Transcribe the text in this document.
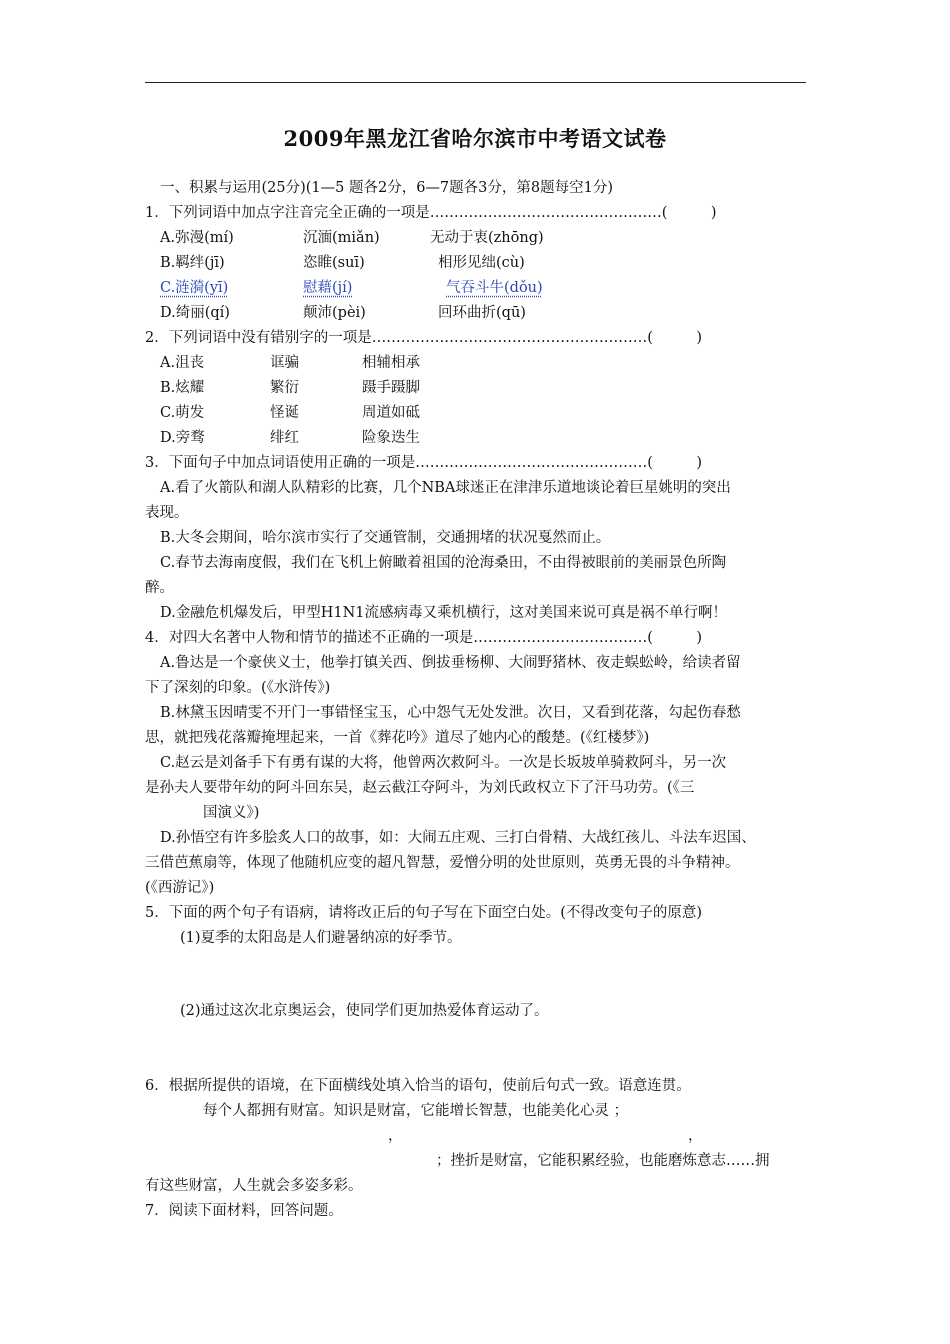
2009年黑龙江省哈尔滨市中考语文试卷
一、积累与运用(25分)(1—5 题各2分，6—7题各3分，第8题每空1分)
1．下列词语中加点字注音完全正确的一项是…………………………………………(　　　)
A.弥漫(mí)	沉湎(miǎn)	无动于衷(zhōng)
B.羁绊(jī)	恣睢(suī)	相形见绌(cù)
C.涟漪(yī)	慰藉(jí)	气吞斗牛(dǒu)
D.绮丽(qí)	颠沛(pèi)	回环曲折(qū)
2．下列词语中没有错别字的一项是…………………………………………………(　　　)
A.沮丧	诓骗	相辅相承
B.炫耀	繁衍	蹑手蹑脚
C.萌发	怪诞	周道如砥
D.旁骛	绯红	险象迭生
3．下面句子中加点词语使用正确的一项是…………………………………………(　　　)
A.看了火箭队和湖人队精彩的比赛，几个NBA球迷正在津津乐道地谈论着巨星姚明的突出
表现。
B.大冬会期间，哈尔滨市实行了交通管制，交通拥堵的状况戛然而止。
C.春节去海南度假，我们在飞机上俯瞰着祖国的沧海桑田，不由得被眼前的美丽景色所陶
醉。
D.金融危机爆发后，甲型H1N1流感病毒又乘机横行，这对美国来说可真是祸不单行啊！
4．对四大名著中人物和情节的描述不正确的一项是………………………………(　　　)
A.鲁达是一个豪侠义士，他拳打镇关西、倒拔垂杨柳、大闹野猪林、夜走蜈蚣岭，给读者留
下了深刻的印象。(《水浒传》)
B.林黛玉因晴雯不开门一事错怪宝玉，心中怨气无处发泄。次日，又看到花落，勾起伤春愁
思，就把残花落瓣掩埋起来，一首《葬花吟》道尽了她内心的酸楚。(《红楼梦》)
C.赵云是刘备手下有勇有谋的大将，他曾两次救阿斗。一次是长坂坡单骑救阿斗，另一次
是孙夫人要带年幼的阿斗回东吴，赵云截江夺阿斗，为刘氏政权立下了汗马功劳。(《三
国演义》)
D.孙悟空有许多脍炙人口的故事，如：大闹五庄观、三打白骨精、大战红孩儿、斗法车迟国、
三借芭蕉扇等，体现了他随机应变的超凡智慧，爱憎分明的处世原则，英勇无畏的斗争精神。
(《西游记》)
5．下面的两个句子有语病，请将改正后的句子写在下面空白处。(不得改变句子的原意)
(1)夏季的太阳岛是人们避暑纳凉的好季节。
(2)通过这次北京奥运会，使同学们更加热爱体育运动了。
6．根据所提供的语境，在下面横线处填入恰当的语句，使前后句式一致。语意连贯。
每个人都拥有财富。知识是财富，它能增长智慧，也能美化心灵 ；
，	，
；挫折是财富，它能积累经验，也能磨炼意志……拥
有这些财富，人生就会多姿多彩。
7．阅读下面材料，回答问题。
